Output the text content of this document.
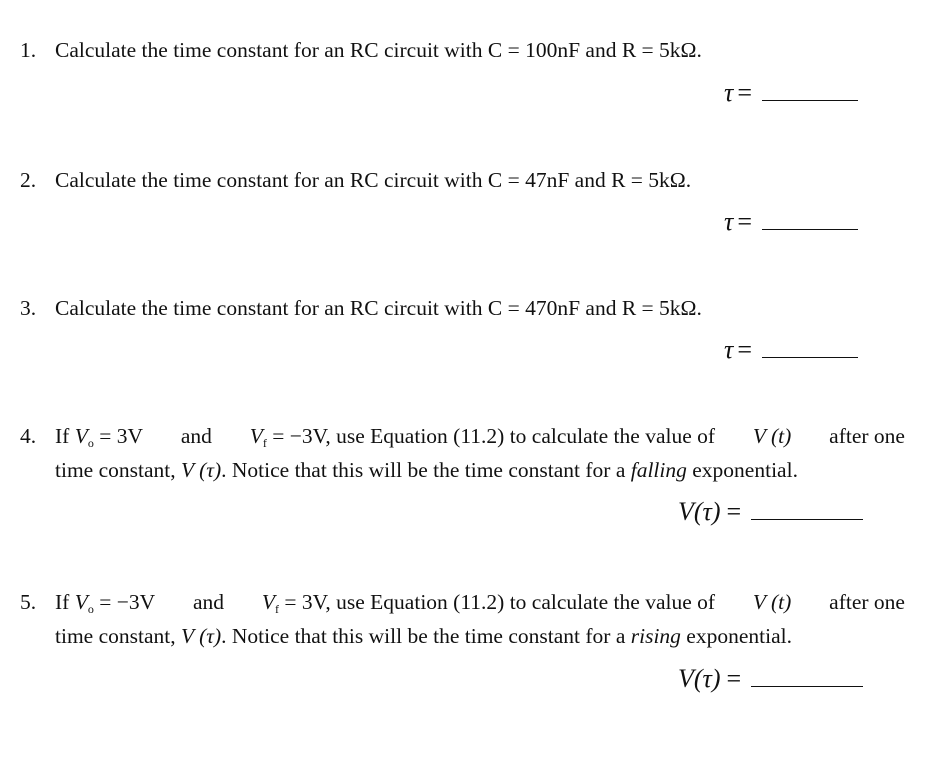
1. Calculate the time constant for an RC circuit with C = 100nF and R = 5kΩ.
τ =
2. Calculate the time constant for an RC circuit with C = 47nF and R = 5kΩ.
τ =
3. Calculate the time constant for an RC circuit with C = 470nF and R = 5kΩ.
τ =
4. If $V_o = 3V$ and $V_f = -3V$, use Equation (11.2) to calculate the value of V (t) after one
time constant, V (τ). Notice that this will be the time constant for a falling exponential.
V(τ) =
5. If $V_o = -3V$ and $V_f = 3V$, use Equation (11.2) to calculate the value of V (t) after one
time constant, V (τ). Notice that this will be the time constant for a rising exponential.
V(τ) =
